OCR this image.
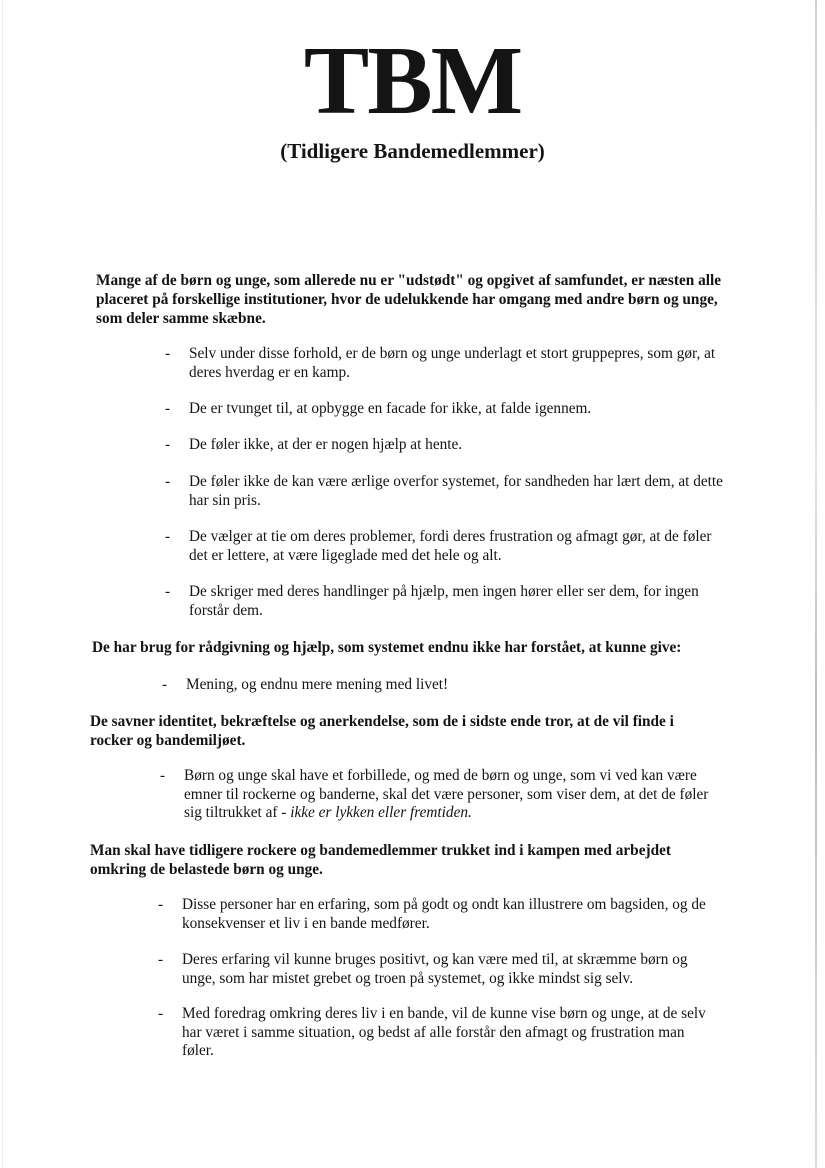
TBM
(Tidligere Bandemedlemmer)
Mange af de børn og unge, som allerede nu er "udstødt" og opgivet af samfundet, er næsten alle placeret på forskellige institutioner, hvor de udelukkende har omgang med andre børn og unge, som deler samme skæbne.
- Selv under disse forhold, er de børn og unge underlagt et stort gruppepres, som gør, at deres hverdag er en kamp.
- De er tvunget til, at opbygge en facade for ikke, at falde igennem.
- De føler ikke, at der er nogen hjælp at hente.
- De føler ikke de kan være ærlige overfor systemet, for sandheden har lært dem, at dette har sin pris.
- De vælger at tie om deres problemer, fordi deres frustration og afmagt gør, at de føler det er lettere, at være ligeglade med det hele og alt.
- De skriger med deres handlinger på hjælp, men ingen hører eller ser dem, for ingen forstår dem.
De har brug for rådgivning og hjælp, som systemet endnu ikke har forstået, at kunne give:
- Mening, og endnu mere mening med livet!
De savner identitet, bekræftelse og anerkendelse, som de i sidste ende tror, at de vil finde i rocker og bandemiljøet.
- Børn og unge skal have et forbillede, og med de børn og unge, som vi ved kan være emner til rockerne og banderne, skal det være personer, som viser dem, at det de føler sig tiltrukket af - ikke er lykken eller fremtiden.
Man skal have tidligere rockere og bandemedlemmer trukket ind i kampen med arbejdet omkring de belastede børn og unge.
- Disse personer har en erfaring, som på godt og ondt kan illustrere om bagsiden, og de konsekvenser et liv i en bande medfører.
- Deres erfaring vil kunne bruges positivt, og kan være med til, at skræmme børn og unge, som har mistet grebet og troen på systemet, og ikke mindst sig selv.
- Med foredrag omkring deres liv i en bande, vil de kunne vise børn og unge, at de selv har været i samme situation, og bedst af alle forstår den afmagt og frustration man føler.
